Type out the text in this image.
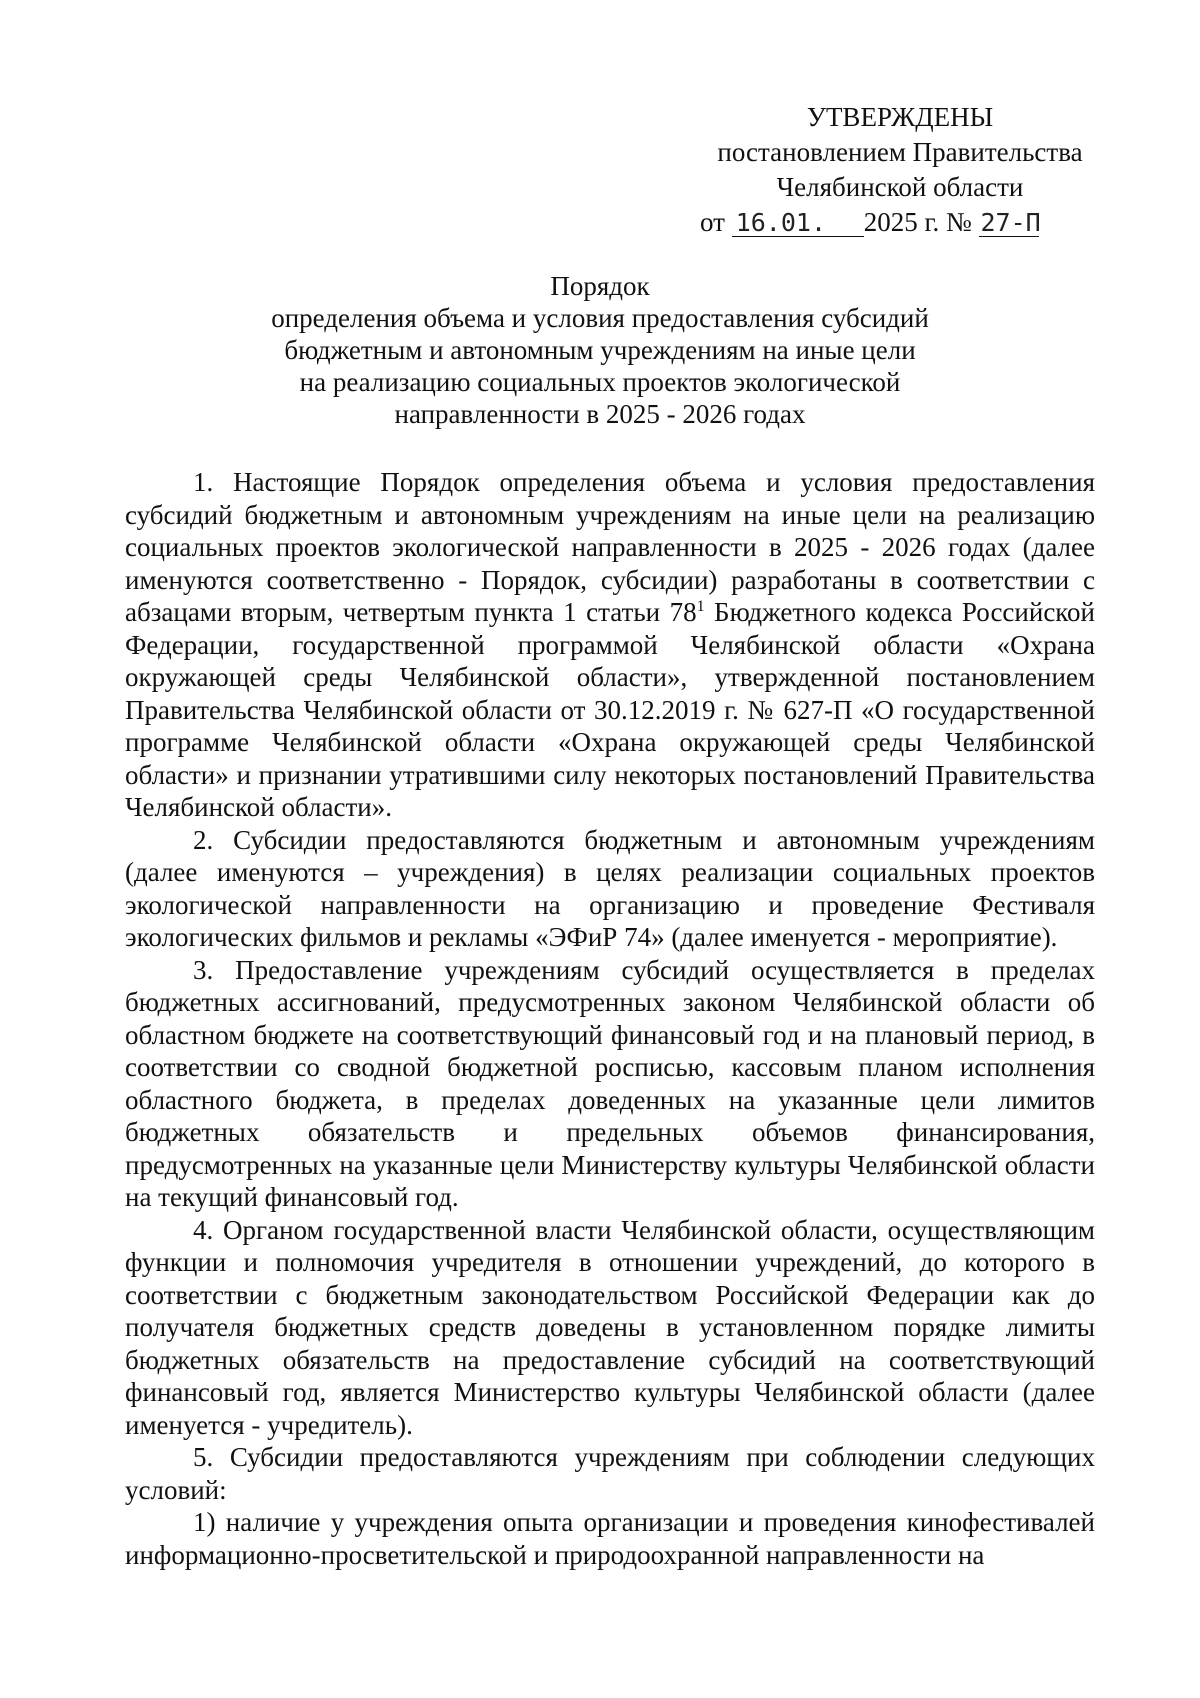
УТВЕРЖДЕНЫ
постановлением Правительства
Челябинской области
от 16.01. 2025 г. № 27-П
Порядок
определения объема и условия предоставления субсидий
бюджетным и автономным учреждениям на иные цели
на реализацию социальных проектов экологической
направленности в 2025 - 2026 годах

1. Настоящие Порядок определения объема и условия предоставления субсидий бюджетным и автономным учреждениям на иные цели на реализацию социальных проектов экологической направленности в 2025 - 2026 годах (далее именуются соответственно - Порядок, субсидии) разработаны в соответствии с абзацами вторым, четвертым пункта 1 статьи $78^1$ Бюджетного кодекса Российской Федерации, государственной программой Челябинской области «Охрана окружающей среды Челябинской области», утвержденной постановлением Правительства Челябинской области от 30.12.2019 г. № 627-П «О государственной программе Челябинской области «Охрана окружающей среды Челябинской области» и признании утратившими силу некоторых постановлений Правительства Челябинской области».

2. Субсидии предоставляются бюджетным и автономным учреждениям (далее именуются – учреждения) в целях реализации социальных проектов экологической направленности на организацию и проведение Фестиваля экологических фильмов и рекламы «ЭФиР 74» (далее именуется - мероприятие).

3. Предоставление учреждениям субсидий осуществляется в пределах бюджетных ассигнований, предусмотренных законом Челябинской области об областном бюджете на соответствующий финансовый год и на плановый период, в соответствии со сводной бюджетной росписью, кассовым планом исполнения областного бюджета, в пределах доведенных на указанные цели лимитов бюджетных обязательств и предельных объемов финансирования, предусмотренных на указанные цели Министерству культуры Челябинской области на текущий финансовый год.

4. Органом государственной власти Челябинской области, осуществляющим функции и полномочия учредителя в отношении учреждений, до которого в соответствии с бюджетным законодательством Российской Федерации как до получателя бюджетных средств доведены в установленном порядке лимиты бюджетных обязательств на предоставление субсидий на соответствующий финансовый год, является Министерство культуры Челябинской области (далее именуется - учредитель).

5. Субсидии предоставляются учреждениям при соблюдении следующих условий:

1) наличие у учреждения опыта организации и проведения кинофестивалей информационно-просветительской и природоохранной направленности на
